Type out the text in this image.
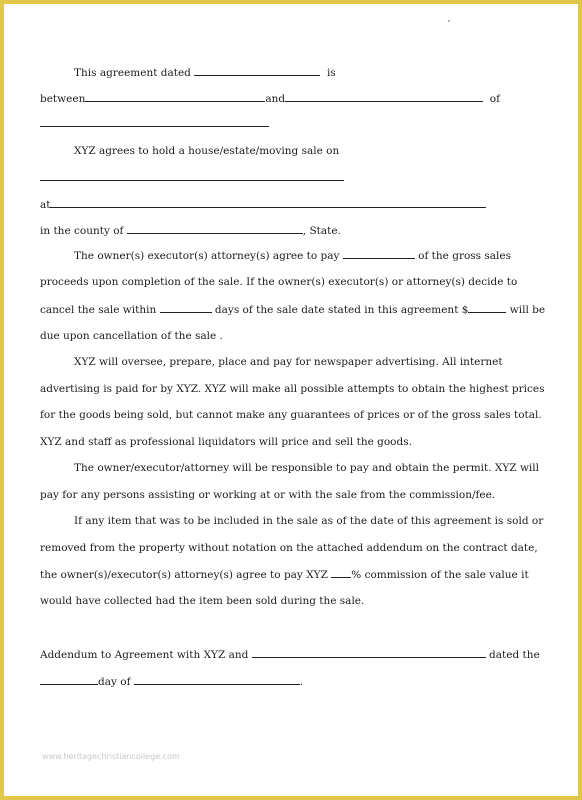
This agreement dated	is
between	and	of
XYZ agrees to hold a house/estate/moving sale on
at
in the county of	, State.
The owner(s) executor(s) attorney(s) agree to pay	of the gross sales
proceeds upon completion of the sale. If the owner(s) executor(s) or attorney(s) decide to
cancel the sale within	days of the sale date stated in this agreement $	will be
due upon cancellation of the sale .
XYZ will oversee, prepare, place and pay for newspaper advertising. All internet
advertising is paid for by XYZ. XYZ will make all possible attempts to obtain the highest prices
for the goods being sold, but cannot make any guarantees of prices or of the gross sales total.
XYZ and staff as professional liquidators will price and sell the goods.
The owner/executor/attorney will be responsible to pay and obtain the permit. XYZ will
pay for any persons assisting or working at or with the sale from the commission/fee.
If any item that was to be included in the sale as of the date of this agreement is sold or
removed from the property without notation on the attached addendum on the contract date,
the owner(s)/executor(s) attorney(s) agree to pay XYZ % commission of the sale value it
would have collected had the item been sold during the sale.
Addendum to Agreement with XYZ and	dated the
day of	.
www.heritagechristiancollege.com
